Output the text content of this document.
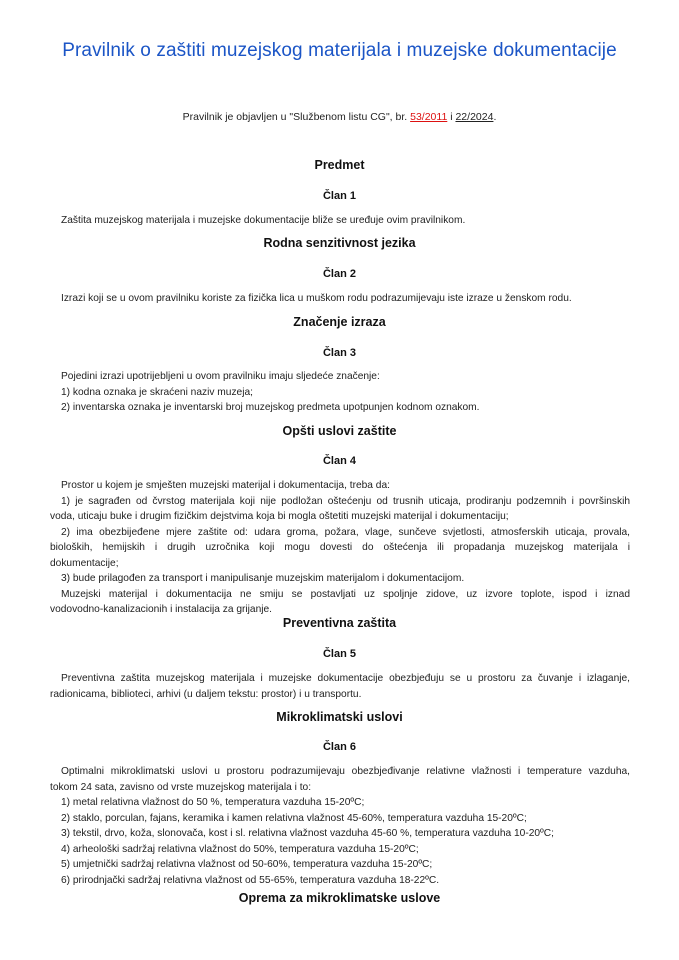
Pravilnik o zaštiti muzejskog materijala i muzejske dokumentacije
Pravilnik je objavljen u "Službenom listu CG", br. 53/2011 i 22/2024.
Predmet
Član 1
Zaštita muzejskog materijala i muzejske dokumentacije bliže se uređuje ovim pravilnikom.
Rodna senzitivnost jezika
Član 2
Izrazi koji se u ovom pravilniku koriste za fizička lica u muškom rodu podrazumijevaju iste izraze u ženskom rodu.
Značenje izraza
Član 3
Pojedini izrazi upotrijebljeni u ovom pravilniku imaju sljedeće značenje:
1) kodna oznaka je skraćeni naziv muzeja;
2) inventarska oznaka je inventarski broj muzejskog predmeta upotpunjen kodnom oznakom.
Opšti uslovi zaštite
Član 4
Prostor u kojem je smješten muzejski materijal i dokumentacija, treba da:
1) je sagrađen od čvrstog materijala koji nije podložan oštećenju od trusnih uticaja, prodiranju podzemnih i površinskih
voda, uticaju buke i drugim fizičkim dejstvima koja bi mogla oštetiti muzejski materijal i dokumentaciju;
2) ima obezbijeđene mjere zaštite od: udara groma, požara, vlage, sunčeve svjetlosti, atmosferskih uticaja, provala,
bioloških, hemijskih i drugih uzročnika koji mogu dovesti do oštećenja ili propadanja muzejskog materijala i
dokumentacije;
3) bude prilagođen za transport i manipulisanje muzejskim materijalom i dokumentacijom.
Muzejski materijal i dokumentacija ne smiju se postavljati uz spoljnje zidove, uz izvore toplote, ispod i iznad
vodovodno-kanalizacionih i instalacija za grijanje.
Preventivna zaštita
Član 5
Preventivna zaštita muzejskog materijala i muzejske dokumentacije obezbjeđuju se u prostoru za čuvanje i izlaganje,
radionicama, biblioteci, arhivi (u daljem tekstu: prostor) i u transportu.
Mikroklimatski uslovi
Član 6
Optimalni mikroklimatski uslovi u prostoru podrazumijevaju obezbjeđivanje relativne vlažnosti i temperature vazduha,
tokom 24 sata, zavisno od vrste muzejskog materijala i to:
1) metal relativna vlažnost do 50 %, temperatura vazduha 15-20ºC;
2) staklo, porculan, fajans, keramika i kamen relativna vlažnost 45-60%, temperatura vazduha 15-20ºC;
3) tekstil, drvo, koža, slonovača, kost i sl. relativna vlažnost vazduha 45-60 %, temperatura vazduha 10-20ºC;
4) arheološki sadržaj relativna vlažnost do 50%, temperatura vazduha 15-20ºC;
5) umjetnički sadržaj relativna vlažnost od 50-60%, temperatura vazduha 15-20ºC;
6) prirodnjački sadržaj relativna vlažnost od 55-65%, temperatura vazduha 18-22ºC.
Oprema za mikroklimatske uslove
